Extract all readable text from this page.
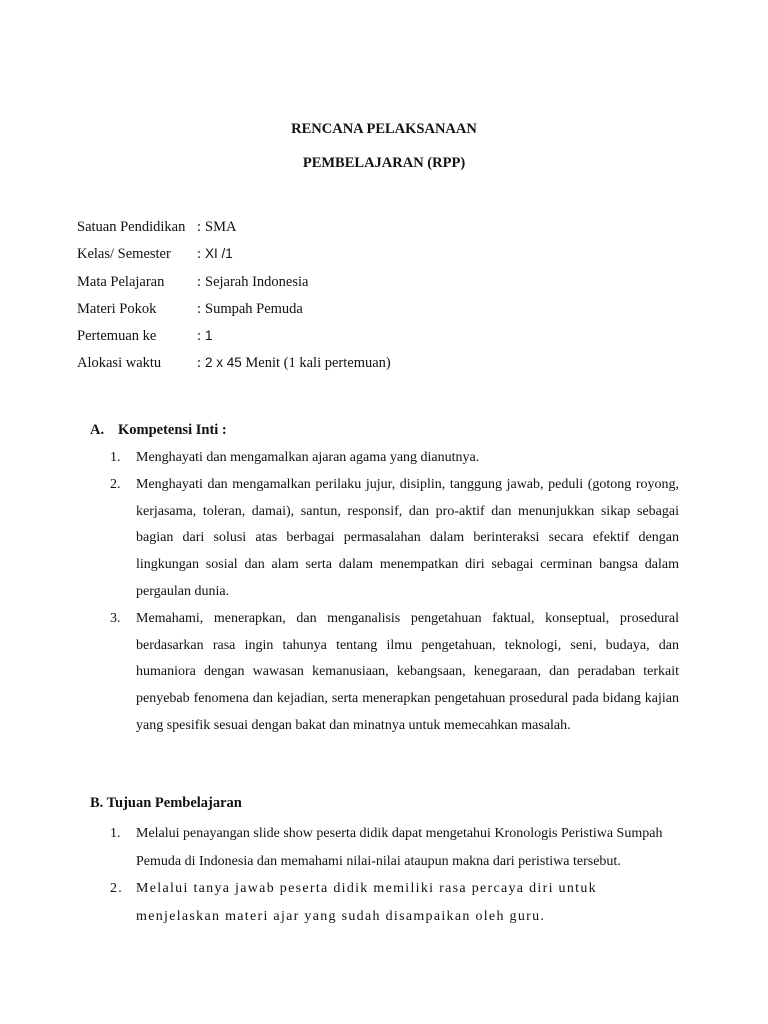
RENCANA PELAKSANAAN
PEMBELAJARAN (RPP)
Satuan Pendidikan : SMA
Kelas/ Semester : XI /1
Mata Pelajaran : Sejarah Indonesia
Materi Pokok	: Sumpah Pemuda
Pertemuan ke	: 1
Alokasi waktu : 2 x 45 Menit (1 kali pertemuan)
A. Kompetensi Inti :
1. Menghayati dan mengamalkan ajaran agama yang dianutnya.
2. Menghayati dan mengamalkan perilaku jujur, disiplin, tanggung jawab, peduli (gotong royong, kerjasama, toleran, damai), santun, responsif, dan pro-aktif dan menunjukkan sikap sebagai bagian dari solusi atas berbagai permasalahan dalam berinteraksi secara efektif dengan lingkungan sosial dan alam serta dalam menempatkan diri sebagai cerminan bangsa dalam pergaulan dunia.
3. Memahami, menerapkan, dan menganalisis pengetahuan faktual, konseptual, prosedural berdasarkan rasa ingin tahunya tentang ilmu pengetahuan, teknologi, seni, budaya, dan humaniora dengan wawasan kemanusiaan, kebangsaan, kenegaraan, dan peradaban terkait penyebab fenomena dan kejadian, serta menerapkan pengetahuan prosedural pada bidang kajian yang spesifik sesuai dengan bakat dan minatnya untuk memecahkan masalah.
B. Tujuan Pembelajaran
1. Melalui penayangan slide show peserta didik dapat mengetahui Kronologis Peristiwa Sumpah Pemuda di Indonesia dan memahami nilai-nilai ataupun makna dari peristiwa tersebut.
2. Melalui tanya jawab peserta didik memiliki rasa percaya diri untuk menjelaskan materi ajar yang sudah disampaikan oleh guru.
